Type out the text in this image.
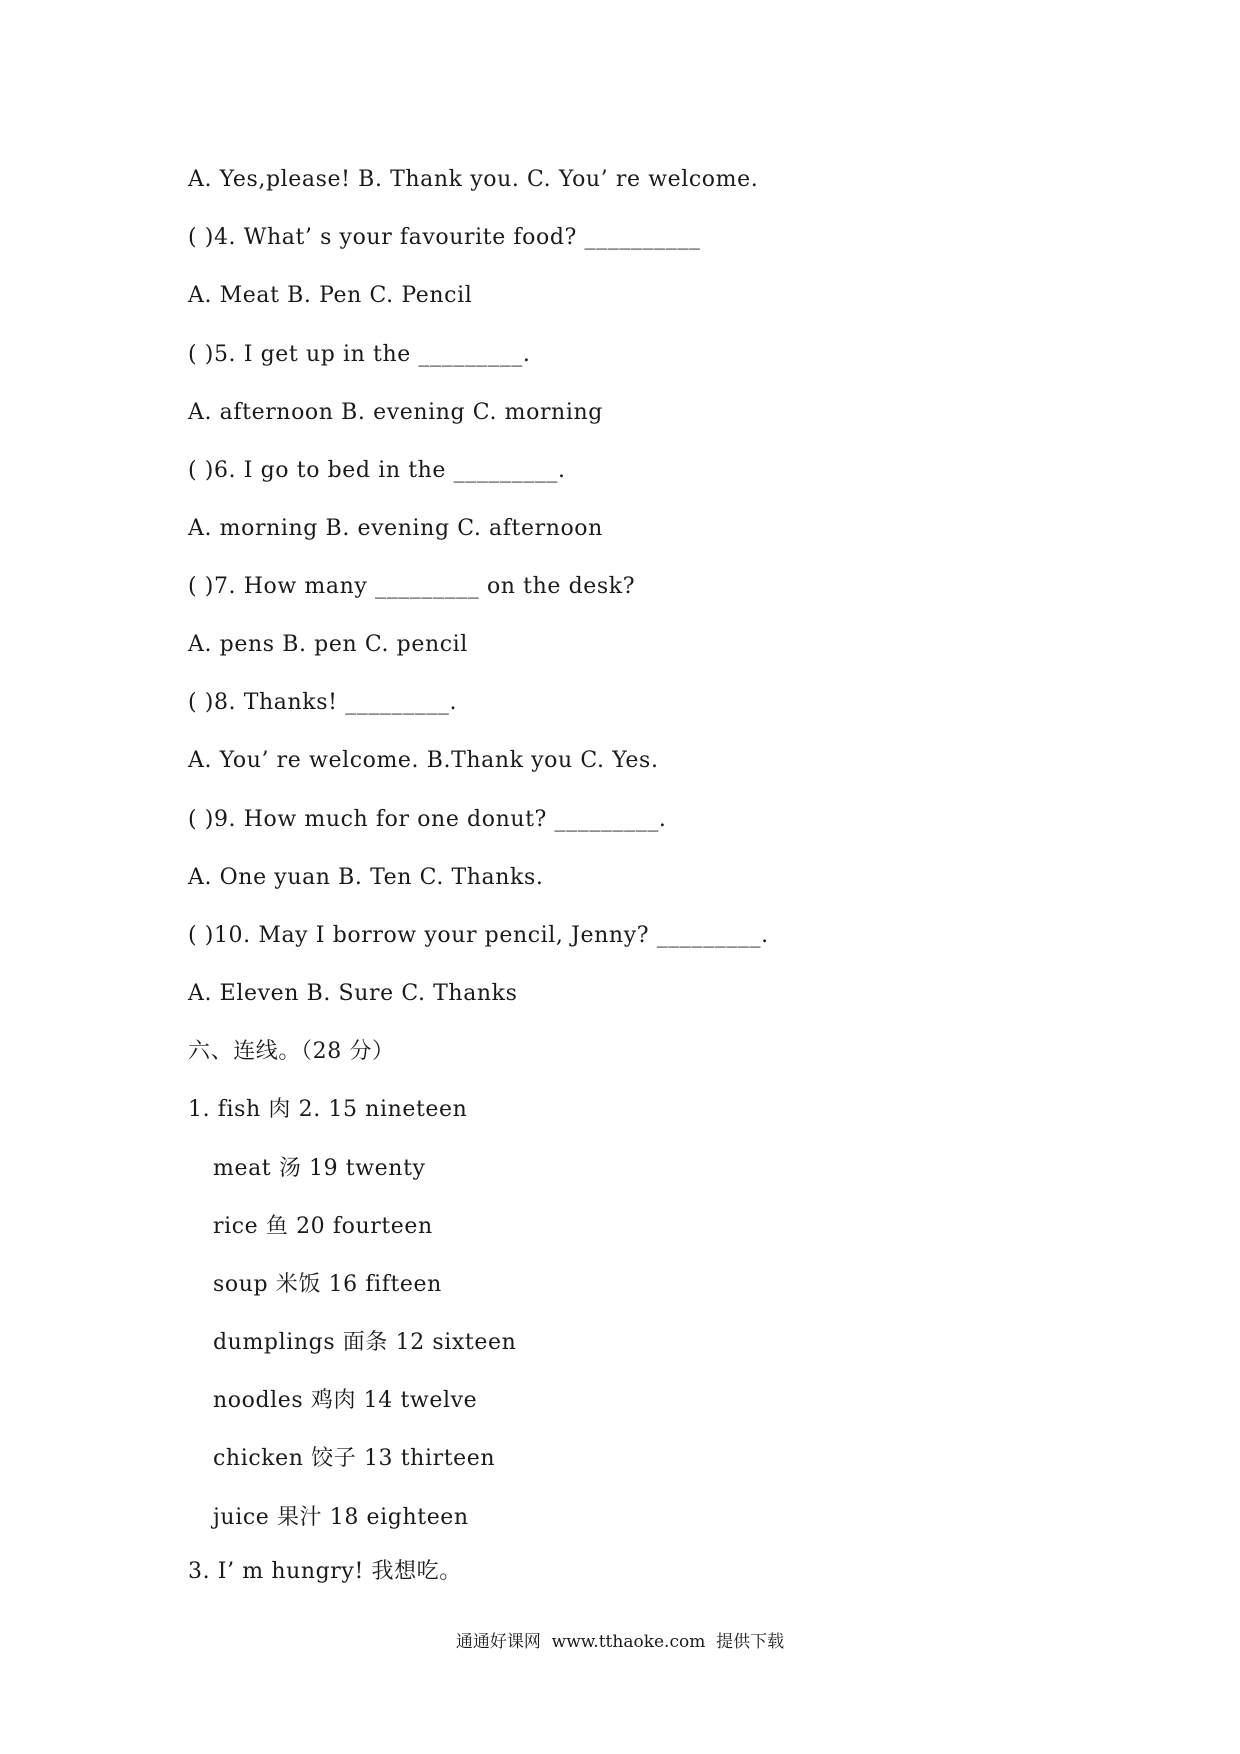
A. Yes,please! B. Thank you. C. You’ re welcome.
( )4. What’ s your favourite food? __________
A. Meat B. Pen C. Pencil
( )5. I get up in the _________.
A. afternoon B. evening C. morning
( )6. I go to bed in the _________.
A. morning B. evening C. afternoon
( )7. How many _________ on the desk?
A. pens B. pen C. pencil
( )8. Thanks! _________.
A. You’ re welcome. B.Thank you C. Yes.
( )9. How much for one donut? _________.
A. One yuan B. Ten C. Thanks.
( )10. May I borrow your pencil, Jenny? _________.
A. Eleven B. Sure C. Thanks
六、连线。（28 分）
1. fish 肉 2. 15 nineteen
meat 汤 19 twenty
rice 鱼 20 fourteen
soup 米饭 16 fifteen
dumplings 面条 12 sixteen
noodles 鸡肉 14 twelve
chicken 饺子 13 thirteen
juice 果汁 18 eighteen
3. I’ m hungry! 我想吃。
通通好课网  www.tthaoke.com  提供下载
